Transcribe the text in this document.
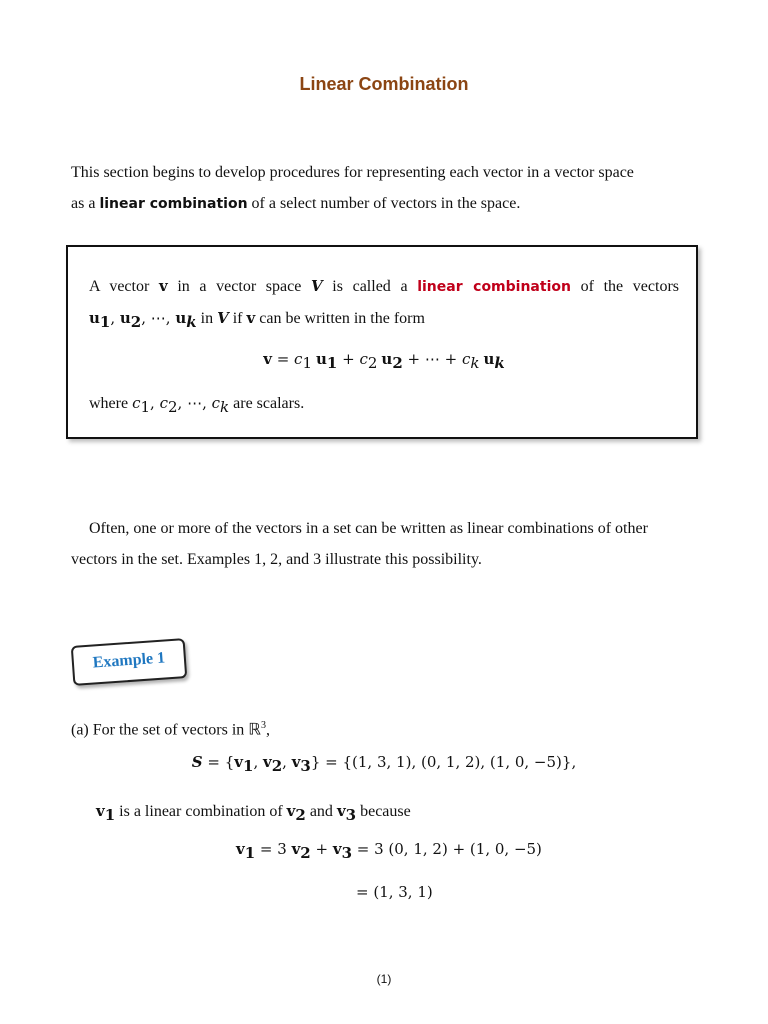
Linear Combination
This section begins to develop procedures for representing each vector in a vector space
as a linear combination of a select number of vectors in the space.
A vector v in a vector space V is called a linear combination of the vectors
$u_1$, $u_2$, ⋯, $u_k$ in V if v can be written in the form
$v = c_1$ $u_1 + c_2$ $u_2$ + ⋯ + $c_k$ $u_k$
where $c_1$, $c_2$, ⋯, $c_k$ are scalars.
Often, one or more of the vectors in a set can be written as linear combinations of other
vectors in the set. Examples 1, 2, and 3 illustrate this possibility.
Example 1
(a) For the set of vectors in ℝ$^3$,
$S = \{v_1$, $v_2$, $v_3\} = \{(1$, 3, 1), (0, 1, 2), (1, 0, −5)},
$v_1$ is a linear combination of $v_2$ and $v_3$ because
$v_1 = 3$ $v_2 + v_3 = 3$ (0, 1, 2) + (1, 0, −5)
= (1, 3, 1)
(1)
